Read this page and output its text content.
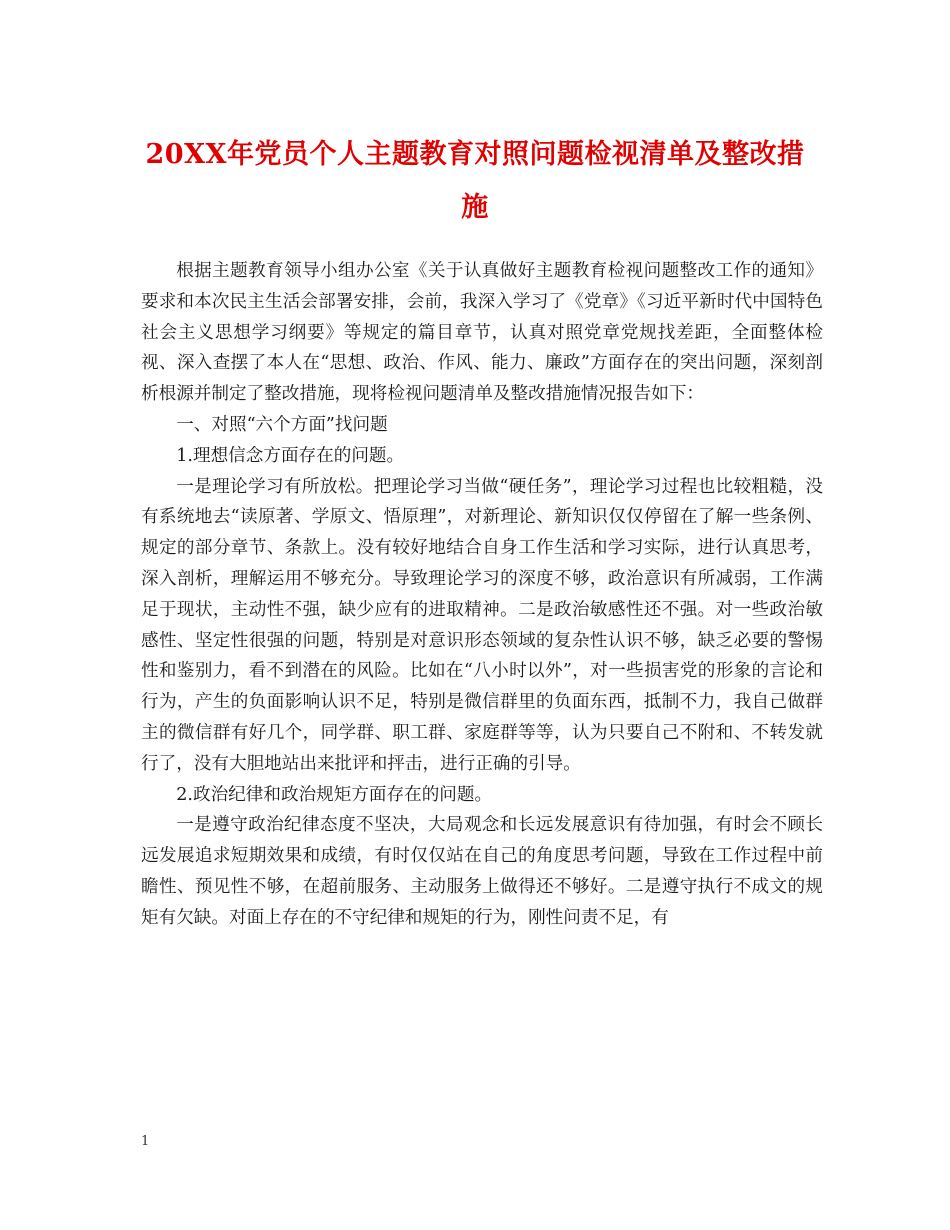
20XX年党员个人主题教育对照问题检视清单及整改措施

根据主题教育领导小组办公室《关于认真做好主题教育检视问题整改工作的通知》要求和本次民主生活会部署安排，会前，我深入学习了《党章》《习近平新时代中国特色社会主义思想学习纲要》等规定的篇目章节，认真对照党章党规找差距，全面整体检视、深入查摆了本人在“思想、政治、作风、能力、廉政”方面存在的突出问题，深刻剖析根源并制定了整改措施，现将检视问题清单及整改措施情况报告如下：

一、对照“六个方面”找问题

1.理想信念方面存在的问题。

一是理论学习有所放松。把理论学习当做“硬任务”，理论学习过程也比较粗糙，没有系统地去“读原著、学原文、悟原理”，对新理论、新知识仅仅停留在了解一些条例、规定的部分章节、条款上。没有较好地结合自身工作生活和学习实际，进行认真思考，深入剖析，理解运用不够充分。导致理论学习的深度不够，政治意识有所减弱，工作满足于现状，主动性不强，缺少应有的进取精神。二是政治敏感性还不强。对一些政治敏感性、坚定性很强的问题，特别是对意识形态领域的复杂性认识不够，缺乏必要的警惕性和鉴别力，看不到潜在的风险。比如在“八小时以外”，对一些损害党的形象的言论和行为，产生的负面影响认识不足，特别是微信群里的负面东西，抵制不力，我自己做群主的微信群有好几个，同学群、职工群、家庭群等等，认为只要自己不附和、不转发就行了，没有大胆地站出来批评和抨击，进行正确的引导。

2.政治纪律和政治规矩方面存在的问题。

一是遵守政治纪律态度不坚决，大局观念和长远发展意识有待加强，有时会不顾长远发展追求短期效果和成绩，有时仅仅站在自己的角度思考问题，导致在工作过程中前瞻性、预见性不够，在超前服务、主动服务上做得还不够好。二是遵守执行不成文的规矩有欠缺。对面上存在的不守纪律和规矩的行为，刚性问责不足，有

1
